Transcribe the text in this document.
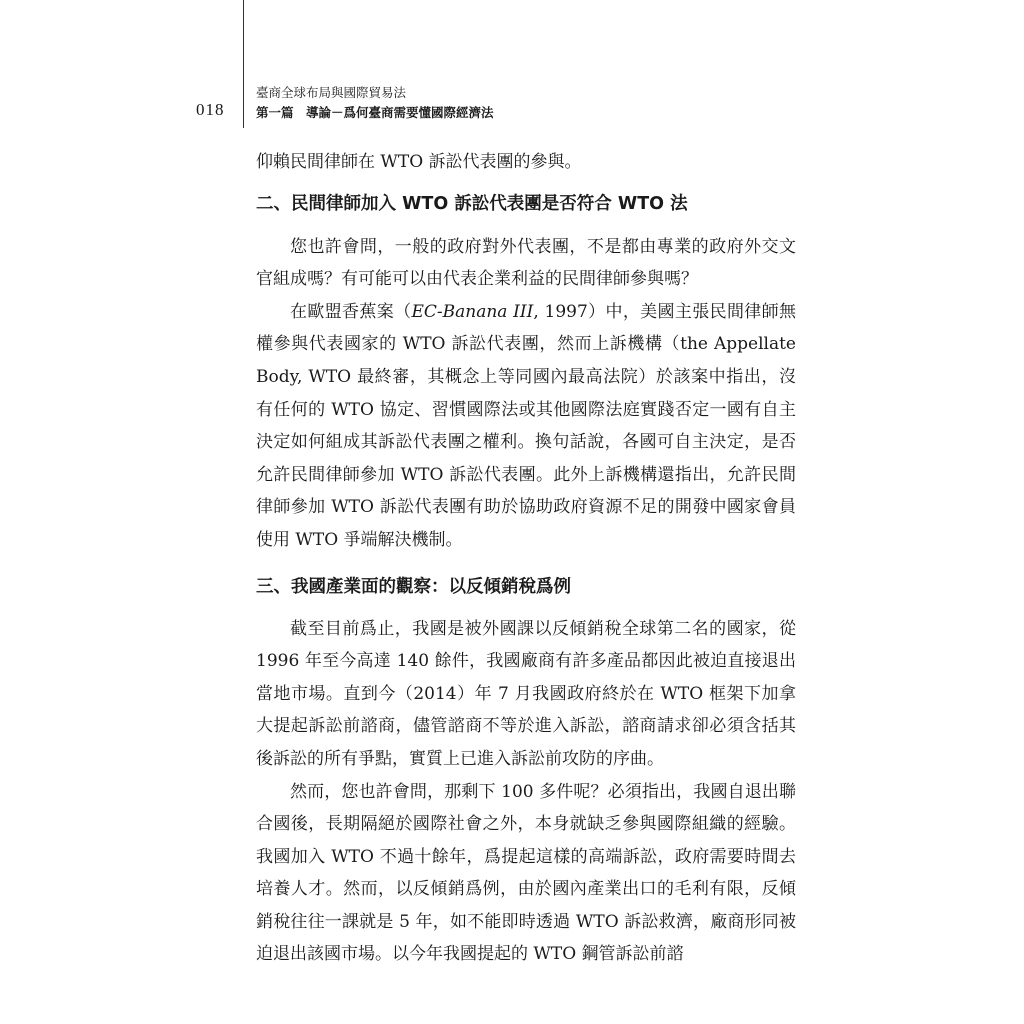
018
臺商全球布局與國際貿易法
第一篇　導論－爲何臺商需要懂國際經濟法

仰賴民間律師在 WTO 訴訟代表團的參與。

二、民間律師加入 WTO 訴訟代表團是否符合 WTO 法

您也許會問，一般的政府對外代表團，不是都由專業的政府外交文官組成嗎？有可能可以由代表企業利益的民間律師參與嗎？

在歐盟香蕉案（EC-Banana III, 1997）中，美國主張民間律師無權參與代表國家的 WTO 訴訟代表團，然而上訴機構（the Appellate Body, WTO 最終審，其概念上等同國內最高法院）於該案中指出，沒有任何的 WTO 協定、習慣國際法或其他國際法庭實踐否定一國有自主決定如何組成其訴訟代表團之權利。換句話說，各國可自主決定，是否允許民間律師參加 WTO 訴訟代表團。此外上訴機構還指出，允許民間律師參加 WTO 訴訟代表團有助於協助政府資源不足的開發中國家會員使用 WTO 爭端解決機制。

三、我國產業面的觀察：以反傾銷稅爲例

截至目前爲止，我國是被外國課以反傾銷稅全球第二名的國家，從 1996 年至今高達 140 餘件，我國廠商有許多產品都因此被迫直接退出當地市場。直到今（2014）年 7 月我國政府終於在 WTO 框架下加拿大提起訴訟前諮商，儘管諮商不等於進入訴訟，諮商請求卻必須含括其後訴訟的所有爭點，實質上已進入訴訟前攻防的序曲。

然而，您也許會問，那剩下 100 多件呢？必須指出，我國自退出聯合國後，長期隔絕於國際社會之外，本身就缺乏參與國際組織的經驗。我國加入 WTO 不過十餘年，爲提起這樣的高端訴訟，政府需要時間去培養人才。然而，以反傾銷爲例，由於國內產業出口的毛利有限，反傾銷稅往往一課就是 5 年，如不能即時透過 WTO 訴訟救濟，廠商形同被迫退出該國市場。以今年我國提起的 WTO 鋼管訴訟前諮
